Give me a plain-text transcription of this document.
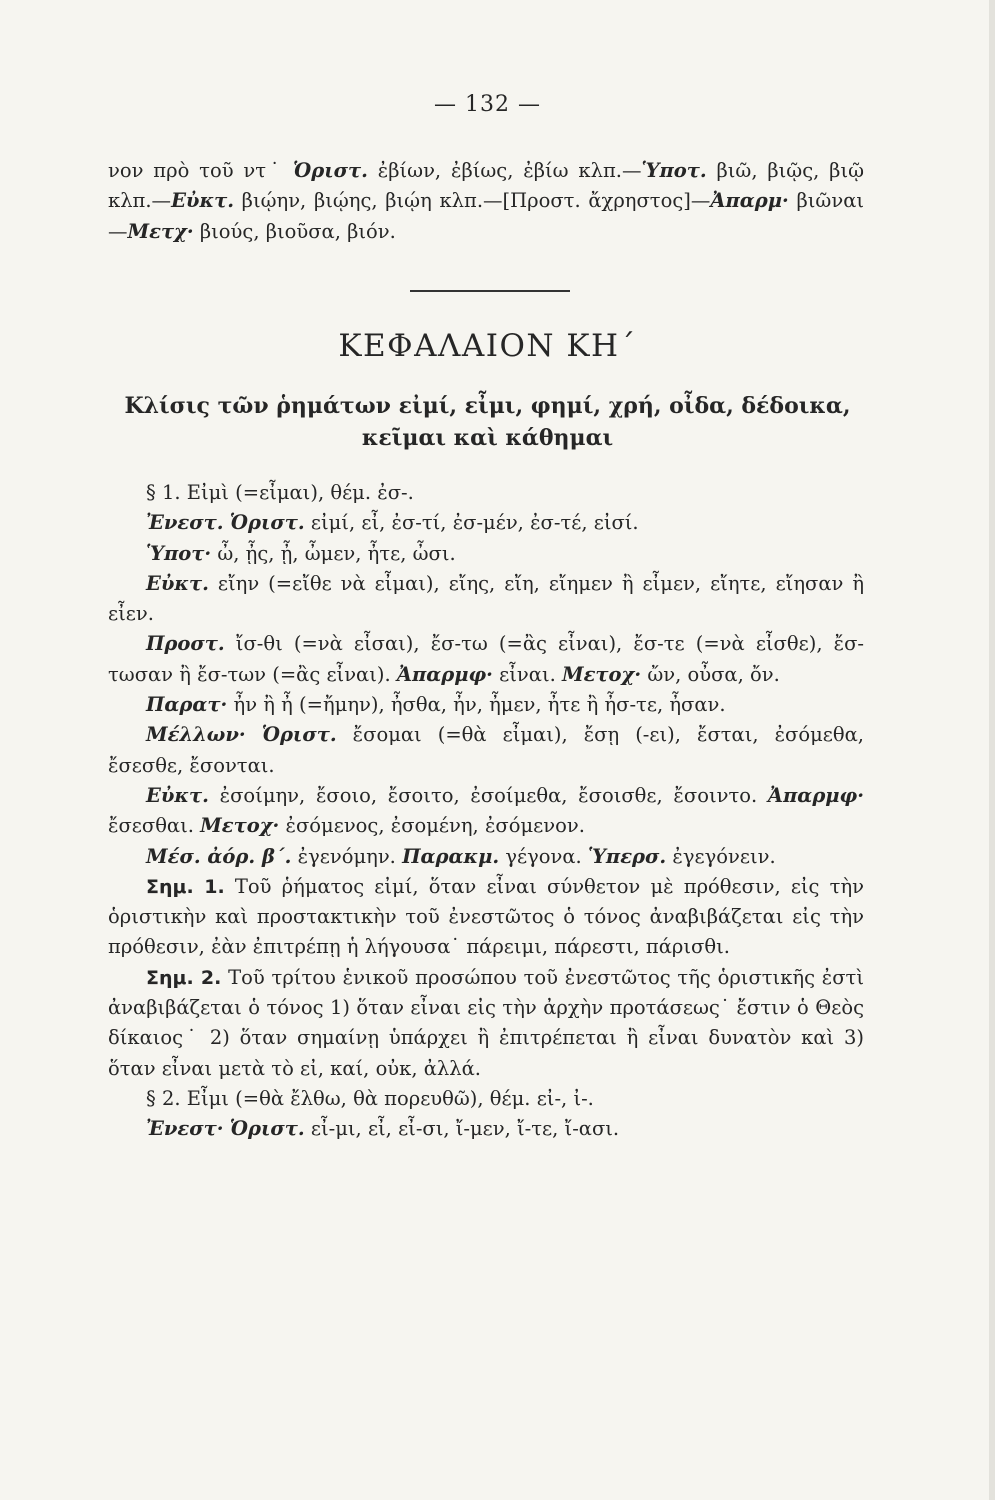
— 132 —

νον πρὸ τοῦ ντ˙ Ὁριστ. ἐβίων, ἐβίως, ἐβίω κλπ.—Ὑποτ. βιῶ, βιῷς, βιῷ κλπ.—Εὐκτ. βιῴην, βιῴης, βιῴη κλπ.—[Προστ. ἄχρηστος]—Ἀπαρμ· βιῶναι—Μετχ· βιούς, βιοῦσα, βιόν.

ΚΕΦΑΛΑΙΟΝ ΚΗ΄
Κλίσις τῶν ῥημάτων εἰμί, εἶμι, φημί, χρή, οἶδα, δέδοικα, κεῖμαι καὶ κάθημαι

§ 1. Εἰμὶ (=εἶμαι), θέμ. ἐσ-.

Ἐνεστ. Ὁριστ. εἰμί, εἶ, ἐσ-τί, ἐσ-μέν, ἐσ-τέ, εἰσί.

Ὑποτ· ὦ, ᾖς, ᾖ, ὦμεν, ἦτε, ὦσι.

Εὐκτ. εἴην (=εἴθε νὰ εἶμαι), εἴης, εἴη, εἴημεν ἢ εἶμεν, εἴητε, εἴησαν ἢ εἶεν.

Προστ. ἴσ-θι (=νὰ εἶσαι), ἔσ-τω (=ἂς εἶναι), ἔσ-τε (=νὰ εἶσθε), ἔσ-τωσαν ἢ ἔσ-των (=ἂς εἶναι). Ἀπαρμφ· εἶναι. Μετοχ· ὤν, οὖσα, ὄν.

Παρατ· ἦν ἢ ἦ (=ἤμην), ἦσθα, ἦν, ἦμεν, ἦτε ἢ ἦσ-τε, ἦσαν.

Μέλλων· Ὁριστ. ἔσομαι (=θὰ εἶμαι), ἔσῃ (-ει), ἔσται, ἐσόμεθα, ἔσεσθε, ἔσονται.

Εὐκτ. ἐσοίμην, ἔσοιο, ἔσοιτο, ἐσοίμεθα, ἔσοισθε, ἔσοιντο. Ἀπαρμφ· ἔσεσθαι. Μετοχ· ἐσόμενος, ἐσομένη, ἐσόμενον.

Μέσ. ἀόρ. β΄. ἐγενόμην. Παρακμ. γέγονα. Ὑπερσ. ἐγεγόνειν.

Σημ. 1. Τοῦ ῥήματος εἰμί, ὅταν εἶναι σύνθετον μὲ πρόθεσιν, εἰς τὴν ὁριστικὴν καὶ προστακτικὴν τοῦ ἐνεστῶτος ὁ τόνος ἀναβιβάζεται εἰς τὴν πρόθεσιν, ἐὰν ἐπιτρέπῃ ἡ λήγουσα˙ πάρειμι, πάρεστι, πάρισθι.

Σημ. 2. Τοῦ τρίτου ἑνικοῦ προσώπου τοῦ ἐνεστῶτος τῆς ὁριστικῆς ἐστὶ ἀναβιβάζεται ὁ τόνος 1) ὅταν εἶναι εἰς τὴν ἀρχὴν προτάσεως˙ ἔστιν ὁ Θεὸς δίκαιος˙ 2) ὅταν σημαίνῃ ὑπάρχει ἢ ἐπιτρέπεται ἢ εἶναι δυνατὸν καὶ 3) ὅταν εἶναι μετὰ τὸ εἰ, καί, οὐκ, ἀλλά.

§ 2. Εἶμι (=θὰ ἔλθω, θὰ πορευθῶ), θέμ. εἰ-, ἰ-.

Ἐνεστ· Ὁριστ. εἶ-μι, εἶ, εἶ-σι, ἴ-μεν, ἴ-τε, ἴ-ασι.
